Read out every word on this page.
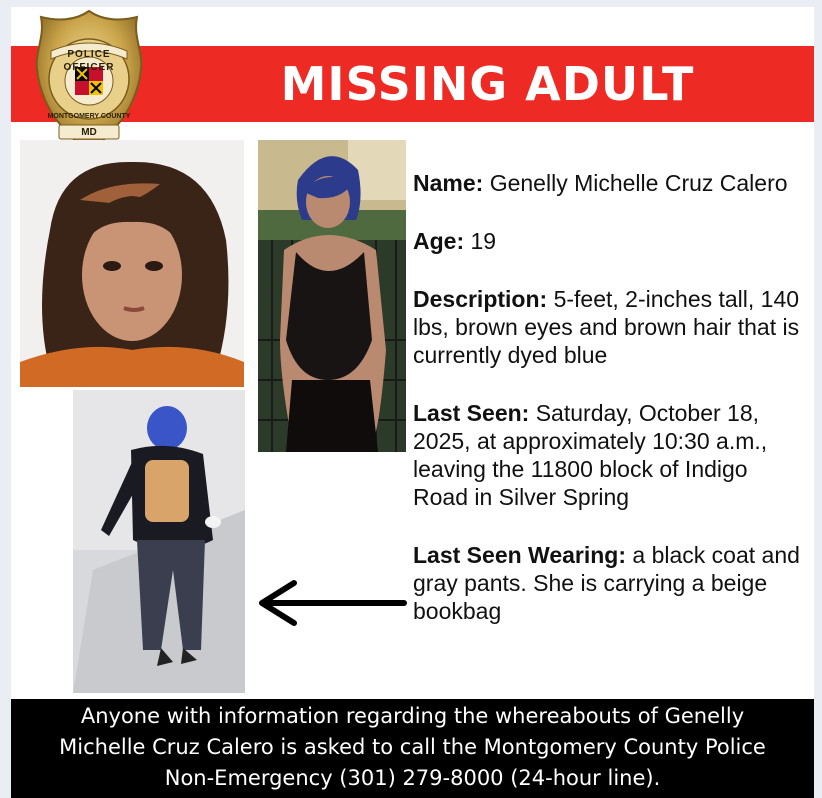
MISSING ADULT
POLICE
OFFICER
MONTGOMERY COUNTY
MD
Name: Genelly Michelle Cruz Calero
Age: 19
Description: 5-feet, 2-inches tall, 140 lbs, brown eyes and brown hair that is currently dyed blue
Last Seen: Saturday, October 18, 2025, at approximately 10:30 a.m., leaving the 11800 block of Indigo Road in Silver Spring
Last Seen Wearing: a black coat and gray pants. She is carrying a beige bookbag
Anyone with information regarding the whereabouts of Genelly
Michelle Cruz Calero is asked to call the Montgomery County Police
Non-Emergency (301) 279-8000 (24-hour line).
